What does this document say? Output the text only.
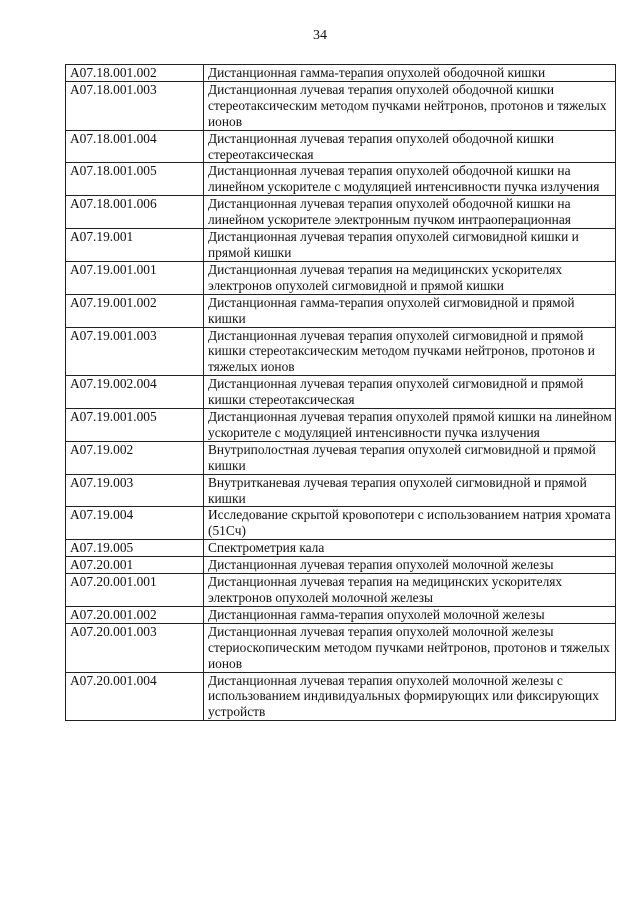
34
A07.18.001.002	Дистанционная гамма-терапия опухолей ободочной кишки
A07.18.001.003	Дистанционная лучевая терапия опухолей ободочной кишки стереотаксическим методом пучками нейтронов, протонов и тяжелых ионов
A07.18.001.004	Дистанционная лучевая терапия опухолей ободочной кишки стереотаксическая
A07.18.001.005	Дистанционная лучевая терапия опухолей ободочной кишки на линейном ускорителе с модуляцией интенсивности пучка излучения
A07.18.001.006	Дистанционная лучевая терапия опухолей ободочной кишки на линейном ускорителе электронным пучком интраоперационная
A07.19.001	Дистанционная лучевая терапия опухолей сигмовидной кишки и прямой кишки
A07.19.001.001	Дистанционная лучевая терапия на медицинских ускорителях электронов опухолей сигмовидной и прямой кишки
A07.19.001.002	Дистанционная гамма-терапия опухолей сигмовидной и прямой кишки
A07.19.001.003	Дистанционная лучевая терапия опухолей сигмовидной и прямой кишки стереотаксическим методом пучками нейтронов, протонов и тяжелых ионов
A07.19.002.004	Дистанционная лучевая терапия опухолей сигмовидной и прямой кишки стереотаксическая
A07.19.001.005	Дистанционная лучевая терапия опухолей прямой кишки на линейном ускорителе с модуляцией интенсивности пучка излучения
A07.19.002	Внутриполостная лучевая терапия опухолей сигмовидной и прямой кишки
A07.19.003	Внутритканевая лучевая терапия опухолей сигмовидной и прямой кишки
A07.19.004	Исследование скрытой кровопотери с использованием натрия хромата (51Cч)
A07.19.005	Спектрометрия кала
A07.20.001	Дистанционная лучевая терапия опухолей молочной железы
A07.20.001.001	Дистанционная лучевая терапия на медицинских ускорителях электронов опухолей молочной железы
A07.20.001.002	Дистанционная гамма-терапия опухолей молочной железы
A07.20.001.003	Дистанционная лучевая терапия опухолей молочной железы стериоскопическим методом пучками нейтронов, протонов и тяжелых ионов
A07.20.001.004	Дистанционная лучевая терапия опухолей молочной железы с использованием индивидуальных формирующих или фиксирующих устройств
